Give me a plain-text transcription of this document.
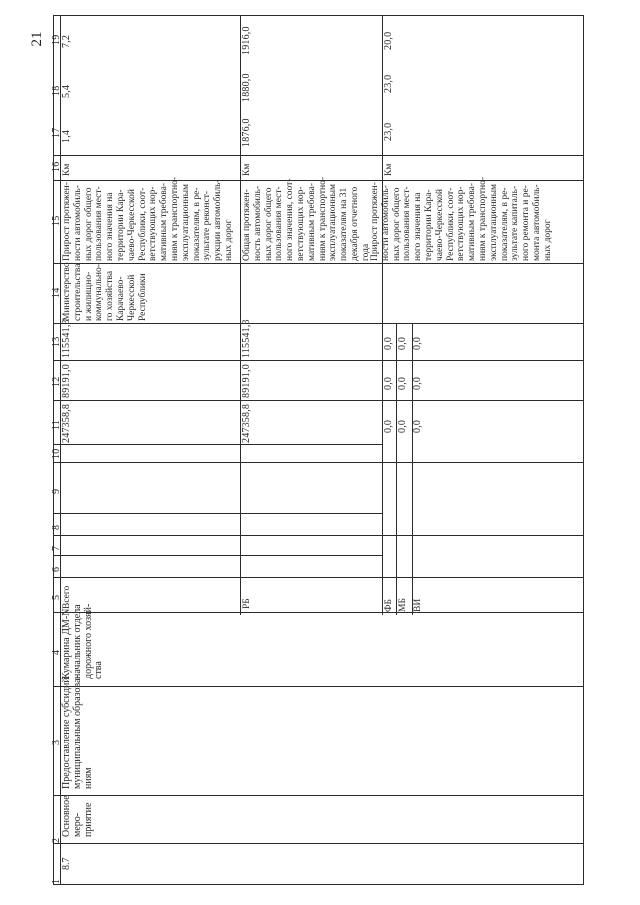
21
1
2
3
4
5
6
7
8
9
10
11
12
13
14
15
16
17
18
19
8.7
Основное
меро-
приятие
Предоставление субсидий
муниципальным образова-
ниям
Кумарина ДМ-N
начальник отдела
дорожного хозяй-
ства
Всего
247358,8
89191,0
115541,3
Министерство
строительства
и жилищно-
коммунально-
го хозяйства
Карачаево-
Черкесской
Республики
Прирост протяжен-
ности автомобиль-
ных дорог общего
пользования мест-
ного значения на
территории Кара-
чаево-Черкесской
Республики, соот-
ветствующих нор-
мативным требова-
ниям к транспортно-
эксплуатационным
показателям, в ре-
зультате реконст-
рукции автомобиль-
ных дорог
Км
1,4
5,4
7,2
РБ
247358,8
89191,0
115541,3
Общая протяжен-
ность автомобиль-
ных дорог общего
пользования мест-
ного значения, соот-
ветствующих нор-
мативным требова-
ниям к транспортно-
эксплуатационным
показателям на 31
декабря отчетного
года
Км
1876,0
1880,0
1916,0
ФБ
0,0
0,0
0,0
Прирост протяжен-
ности автомобиль-
ных дорог общего
пользования мест-
ного значения на
территории Кара-
чаево-Черкесской
Республики, соот-
ветствующих нор-
мативным требова-
ниям к транспортно-
эксплуатационным
показателям, в ре-
зультате капиталь-
ного ремонта и ре-
монта автомобиль-
ных дорог
Км
23,0
23,0
20,0
МБ
0,0
0,0
0,0
ВИ
0,0
0,0
0,0
